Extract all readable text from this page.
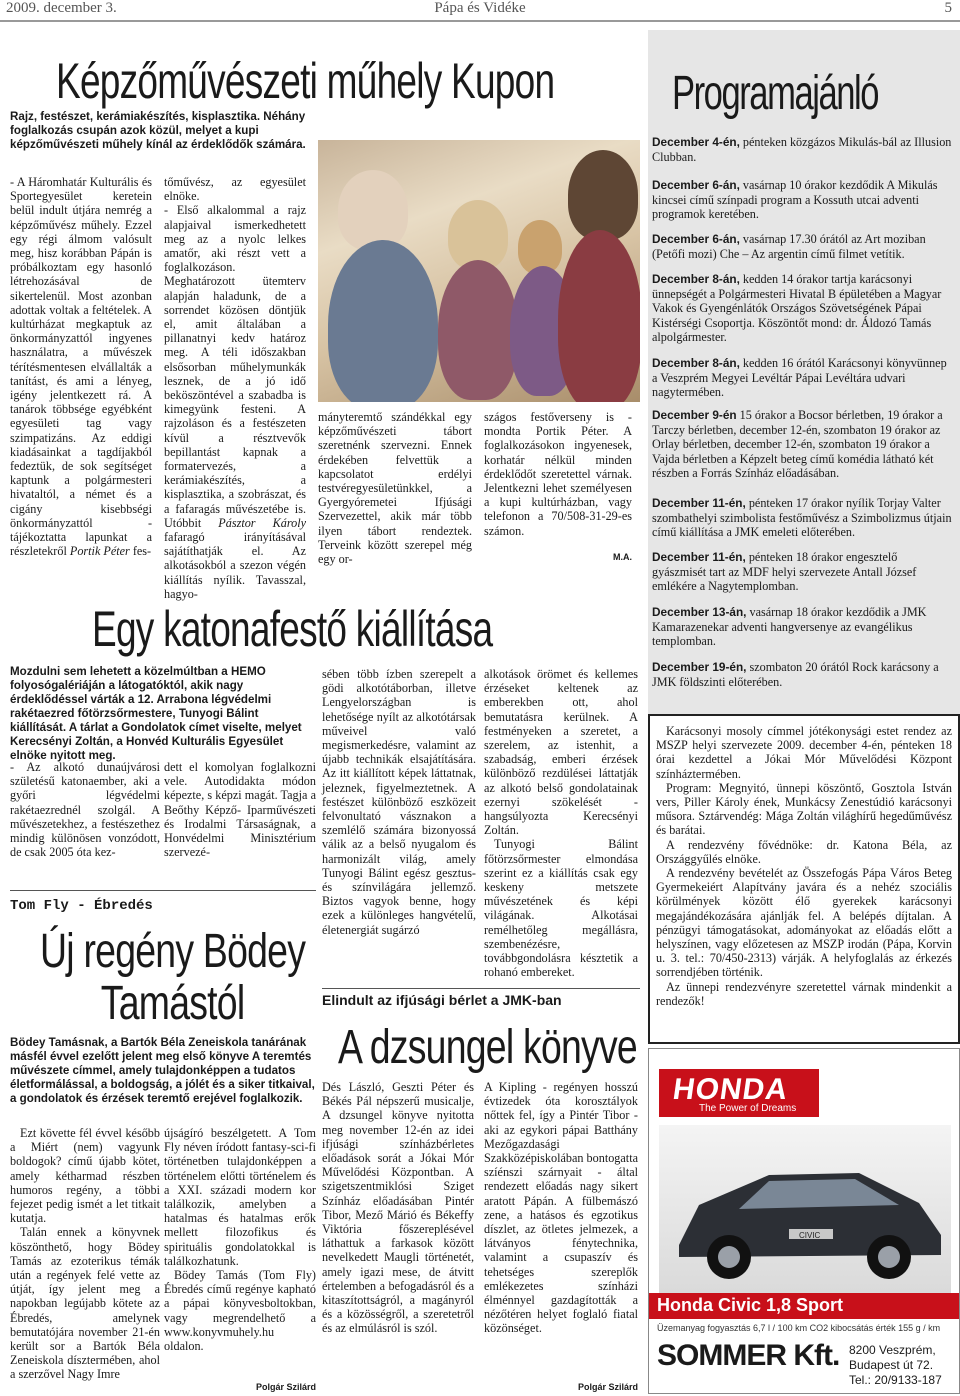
2009. december 3.	Pápa és Vidéke	5
Képzőművészeti műhely Kupon
Rajz, festészet, kerámiakészítés, kisplasztika. Néhány foglalkozás csupán azok közül, melyet a kupi képzőművészeti műhely kínál az érdeklődők számára.
- A Háromhatár Kulturális és Sportegyesület keretein belül indult útjára nemrég a képzőművész műhely. Ezzel egy régi álmom valósult meg, hisz korábban Pápán is próbálkoztam egy hasonló létrehozásával de sikertelenül. Most azonban adottak voltak a feltételek. A kultúrházat megkaptuk az önkormányzattól ingyenes használatra, a művészek térítésmentesen elvállalták a tanítást, és ami a lényeg, igény jelentkezett rá. A tanárok többsége egyébként egyesületi tag vagy szimpatizáns. Az eddigi kiadásainkat a tagdíjakból fedeztük, de sok segítséget kaptunk a polgármesteri hivataltól, a német és a cigány kisebbségi önkormányzattól - tájékoztatta lapunkat a részletekről Portik Péter fes-
tőművész, az egyesület elnöke.
- Első alkalommal a rajz alapjaival ismerkedhetett meg az a nyolc lelkes amatőr, aki részt vett a foglalkozáson. Meghatározott ütemterv alapján haladunk, de a sorrendet közösen döntjük el, amit általában a pillanatnyi kedv határoz meg. A téli időszakban elsősorban műhelymunkák lesznek, de a jó idő beköszöntével a szabadba is kimegyünk festeni. A rajzoláson és a festészeten kívül a résztvevők bepillantást kapnak a formatervezés, a kerámiakészítés, a kisplasztika, a szobrászat, és a fafaragás művészetébe is. Utóbbit Pásztor Károly fafaragó irányításával sajátíthatják el. Az alkotásokból a szezon végén kiállítás nyílik. Tavasszal, hagyo-
mányteremtő szándékkal egy képzőművészeti tábort szeretnénk szervezni. Ennek érdekében felvettük a kapcsolatot erdélyi testvéregyesületünkkel, a Gyergyóremetei Ifjúsági Szervezettel, akik már több ilyen tábort rendeztek. Terveink között szerepel még egy or-
szágos festőverseny is - mondta Portik Péter. A foglalkozásokon ingyenesek, korhatár nélkül minden érdeklődőt szeretettel várnak. Jelentkezni lehet személyesen a kupi kultúrházban, vagy telefonon a 70/508-31-29-es számon.
M.A.
Egy katonafestő kiállítása
Mozdulni sem lehetett a közelmúltban a HEMO folyosógalériáján a látogatóktól, akik nagy érdeklődéssel várták a 12. Arrabona légvédelmi rakétaezred főtörzsőrmestere, Tunyogi Bálint kiállítását. A tárlat a Gondolatok címet viselte, melyet Kerecsényi Zoltán, a Honvéd Kulturális Egyesület elnöke nyitott meg.
- Az alkotó dunaújvárosi születésű katonaember, aki a győri légvédelmi rakétaezrednél szolgál. A művészetekhez, a festészethez mindig különösen vonzódott, de csak 2005 óta kez-
dett el komolyan foglalkozni vele. Autodidakta módon képezte, s képzi magát. Tagja a Beőthy Képző- Iparművészeti és Irodalmi Társaságnak, a Honvédelmi Minisztérium szervezé-
sében több ízben szerepelt a gödi alkotótáborban, illetve Lengyelországban is lehetősége nyílt az alkotótársak műveivel való megismerkedésre, valamint az újabb technikák elsajátítására. Az itt kiállított képek láttatnak, jeleznek, figyelmeztetnek. A festészet különböző eszközeit felvonultató vásznakon a szemlélő számára bizonyossá válik az a belső nyugalom és harmonizált világ, amely Tunyogi Bálint egész gesztus- és színvilágára jellemző. Biztos vagyok benne, hogy ezek a különleges hangvételű, életenergiát sugárzó
alkotások örömet és kellemes érzéseket keltenek az emberekben ott, ahol bemutatásra kerülnek. A festményeken a szeretet, a szerelem, az istenhit, a szabadság, emberi érzések különböző rezdülései láttatják az alkotó belső gondolatainak ezernyi szökelését - hangsúlyozta Kerecsényi Zoltán.

Tunyogi Bálint főtörzsőrmester elmondása szerint ez a kiállítás csak egy keskeny metszete művészetének és képi világának. Alkotásai remélhetőleg megállásra, szembenézésre, továbbgondolásra késztetik a rohanó embereket.

Tom Fly - Ébredés
Új regény Bödey
Tamástól
Bödey Tamásnak, a Bartók Béla Zeneiskola tanárának másfél évvel ezelőtt jelent meg első könyve A teremtés művészete címmel, amely tulajdonképpen a tudatos életformálással, a boldogság, a jólét és a siker titkaival, a gondolatok és érzések teremtő erejével foglalkozik.

Ezt követte fél évvel később a Miért (nem) vagyunk boldogok? című újabb kötet, amely kétharmad részben humoros regény, a többi fejezet pedig ismét a let titkait kutatja.

Talán ennek a könyvnek köszönthető, hogy Bödey Tamás az ezoterikus témák után a regények felé vette az útját, így jelent meg a napokban legújabb kötete az Ébredés, amelynek bemutatójára november 21-én került sor a Bartók Béla Zeneiskola dísztermében, ahol a szerzővel Nagy Imre

újságíró beszélgetett. A Tom Fly néven íródott fantasy-sci-fi történetben tulajdonképpen a történelem előtti történelem és a XXI. századi modern kor találkozik, amelyben a hatalmas és hatalmas erők mellett filozofikus és spirituális gondolatokkal is találkozhatunk.

Bödey Tamás (Tom Fly) Ébredés című regénye kapható a pápai könyvesboltokban, vagy megrendelhető a www.konyvmuhely.hu oldalon.

Polgár Szilárd
Elindult az ifjúsági bérlet a JMK-ban
A dzsungel könyve
Dés László, Geszti Péter és Békés Pál népszerű musicalje, A dzsungel könyve nyitotta meg november 12-én az idei ifjúsági színházbérletes előadások sorát a Jókai Mór Művelődési Központban. A szigetszentmiklósi Sziget Színház előadásában Pintér Tibor, Mező Márió és Békeffy Viktória főszereplésével láthattuk a farkasok között nevelkedett Maugli történetét, amely igazi mese, de átvitt értelemben a befogadásról és a kitaszítottságról, a magányról és a közösségről, a szeretetről és az elmúlásról is szól.
A Kipling - regényen hosszú évtizedek óta korosztályok nőttek fel, így a Pintér Tibor - aki az egykori pápai Batthány Mezőgazdasági Szakközépiskolában bontogatta szíénszi szárnyait - által rendezett előadás nagy sikert aratott Pápán. A fülbemászó zene, a hatásos és egzotikus díszlet, az ötletes jelmezek, a látványos fénytechnika, valamint a csupaszív és tehetséges szereplők emlékezetes színházi élménnyel gazdagították a nézőtéren helyet foglaló fiatal közönséget.
Polgár Szilárd
Programajánló
December 4-én, pénteken közgázos Mikulás-bál az Illusion Clubban.
December 6-án, vasárnap 10 órakor kezdődik A Mikulás kincsei című színpadi program a Kossuth utcai adventi programok keretében.
December 6-án, vasárnap 17.30 órától az Art moziban (Petőfi mozi) Che – Az argentin című filmet vetítik.
December 8-án, kedden 14 órakor tartja karácsonyi ünnepségét a Polgármesteri Hivatal B épületében a Magyar Vakok és Gyengénlátók Országos Szövetségének Pápai Kistérségi Csoportja. Köszöntőt mond: dr. Áldozó Tamás alpolgármester.
December 8-án, kedden 16 órától Karácsonyi könyvünnep a Veszprém Megyei Levéltár Pápai Levéltára udvari nagytermében.
December 9-én 15 órakor a Bocsor bérletben, 19 órakor a Tarczy bérletben, december 12-én, szombaton 19 órakor az Orlay bérletben, december 12-én, szombaton 19 órakor a Vajda bérletben a Képzelt beteg című komédia látható két részben a Forrás Színház előadásában.
December 11-én, pénteken 17 órakor nyílik Torjay Valter szombathelyi szimbolista festőművész a Szimbolizmus útjain című kiállítása a JMK emeleti előterében.
December 11-én, pénteken 18 órakor engesztelő gyászmisét tart az MDF helyi szervezete Antall József emlékére a Nagytemplomban.
December 13-án, vasárnap 18 órakor kezdődik a JMK Kamarazenekar adventi hangversenye az evangélikus templomban.
December 19-én, szombaton 20 órától Rock karácsony a JMK földszinti előterében.

Karácsonyi mosoly címmel jótékonysági estet rendez az MSZP helyi szervezete 2009. december 4-én, pénteken 18 órai kezdettel a Jókai Mór Művelődési Központ színháztermében.

Program: Megnyitó, ünnepi köszöntő, Gosztola István vers, Piller Károly ének, Munkácsy Zenestúdió karácsonyi műsora. Sztárvendég: Mága Zoltán világhírű hegedűművész és barátai.

A rendezvény fővédnöke: dr. Katona Béla, az Országgyűlés elnöke.

A rendezvény bevételét az Összefogás Pápa Város Beteg Gyermekeiért Alapítvány javára és a nehéz szociális körülmények között élő gyerekek karácsonyi megajándékozására ajánlják fel. A belépés díjtalan. A pénzügyi támogatásokat, adományokat az előadás előtt a helyszínen, vagy előzetesen az MSZP irodán (Pápa, Korvin u. 3. tel.: 70/450-2313) várják. A helyfoglalás az érkezés sorrendjében történik.

Az ünnepi rendezvényre szeretettel várnak mindenkit a rendezők!

HONDA
The Power of Dreams
CIVIC
Honda Civic 1,8 Sport
Üzemanyag fogyasztás 6,7 l / 100 km CO2 kibocsátás érték 155 g / km
SOMMER Kft. 8200 Veszprém, Budapest út 72.
Tel.: 20/9133-187
